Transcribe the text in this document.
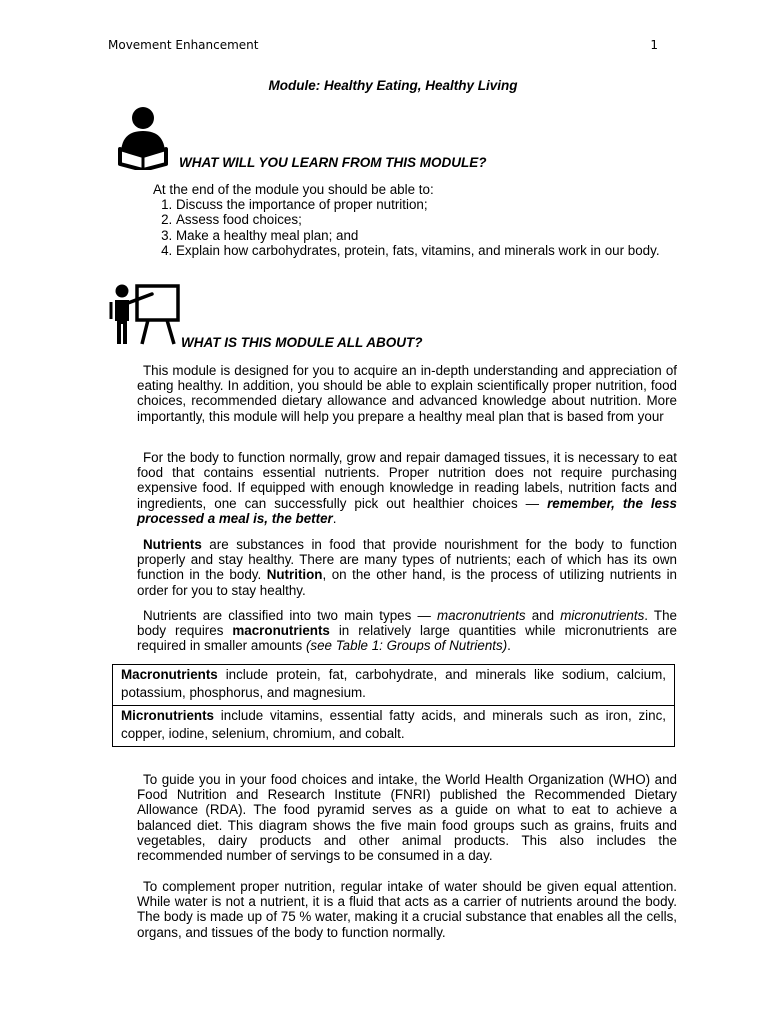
Movement Enhancement	1
Module: Healthy Eating, Healthy Living
WHAT WILL YOU LEARN FROM THIS MODULE?

At the end of the module you should be able to:

1. Discuss the importance of proper nutrition;
2. Assess food choices;
3. Make a healthy meal plan; and
4. Explain how carbohydrates, protein, fats, vitamins, and minerals work in our body.
WHAT IS THIS MODULE ALL ABOUT?
This module is designed for you to acquire an in-depth understanding and appreciation of eating healthy. In addition, you should be able to explain scientifically proper nutrition, food choices, recommended dietary allowance and advanced knowledge about nutrition. More importantly, this module will help you prepare a healthy meal plan that is based from your
For the body to function normally, grow and repair damaged tissues, it is necessary to eat food that contains essential nutrients. Proper nutrition does not require purchasing expensive food. If equipped with enough knowledge in reading labels, nutrition facts and ingredients, one can successfully pick out healthier choices — remember, the less processed a meal is, the better.
Nutrients are substances in food that provide nourishment for the body to function properly and stay healthy. There are many types of nutrients; each of which has its own function in the body. Nutrition, on the other hand, is the process of utilizing nutrients in order for you to stay healthy.
Nutrients are classified into two main types — macronutrients and micronutrients. The body requires macronutrients in relatively large quantities while micronutrients are required in smaller amounts (see Table 1: Groups of Nutrients).
Macronutrients include protein, fat, carbohydrate, and minerals like sodium, calcium, potassium, phosphorus, and magnesium.
Micronutrients include vitamins, essential fatty acids, and minerals such as iron, zinc, copper, iodine, selenium, chromium, and cobalt.
To guide you in your food choices and intake, the World Health Organization (WHO) and Food Nutrition and Research Institute (FNRI) published the Recommended Dietary Allowance (RDA). The food pyramid serves as a guide on what to eat to achieve a balanced diet. This diagram shows the five main food groups such as grains, fruits and vegetables, dairy products and other animal products. This also includes the recommended number of servings to be consumed in a day.
To complement proper nutrition, regular intake of water should be given equal attention. While water is not a nutrient, it is a fluid that acts as a carrier of nutrients around the body. The body is made up of 75 % water, making it a crucial substance that enables all the cells, organs, and tissues of the body to function normally.
